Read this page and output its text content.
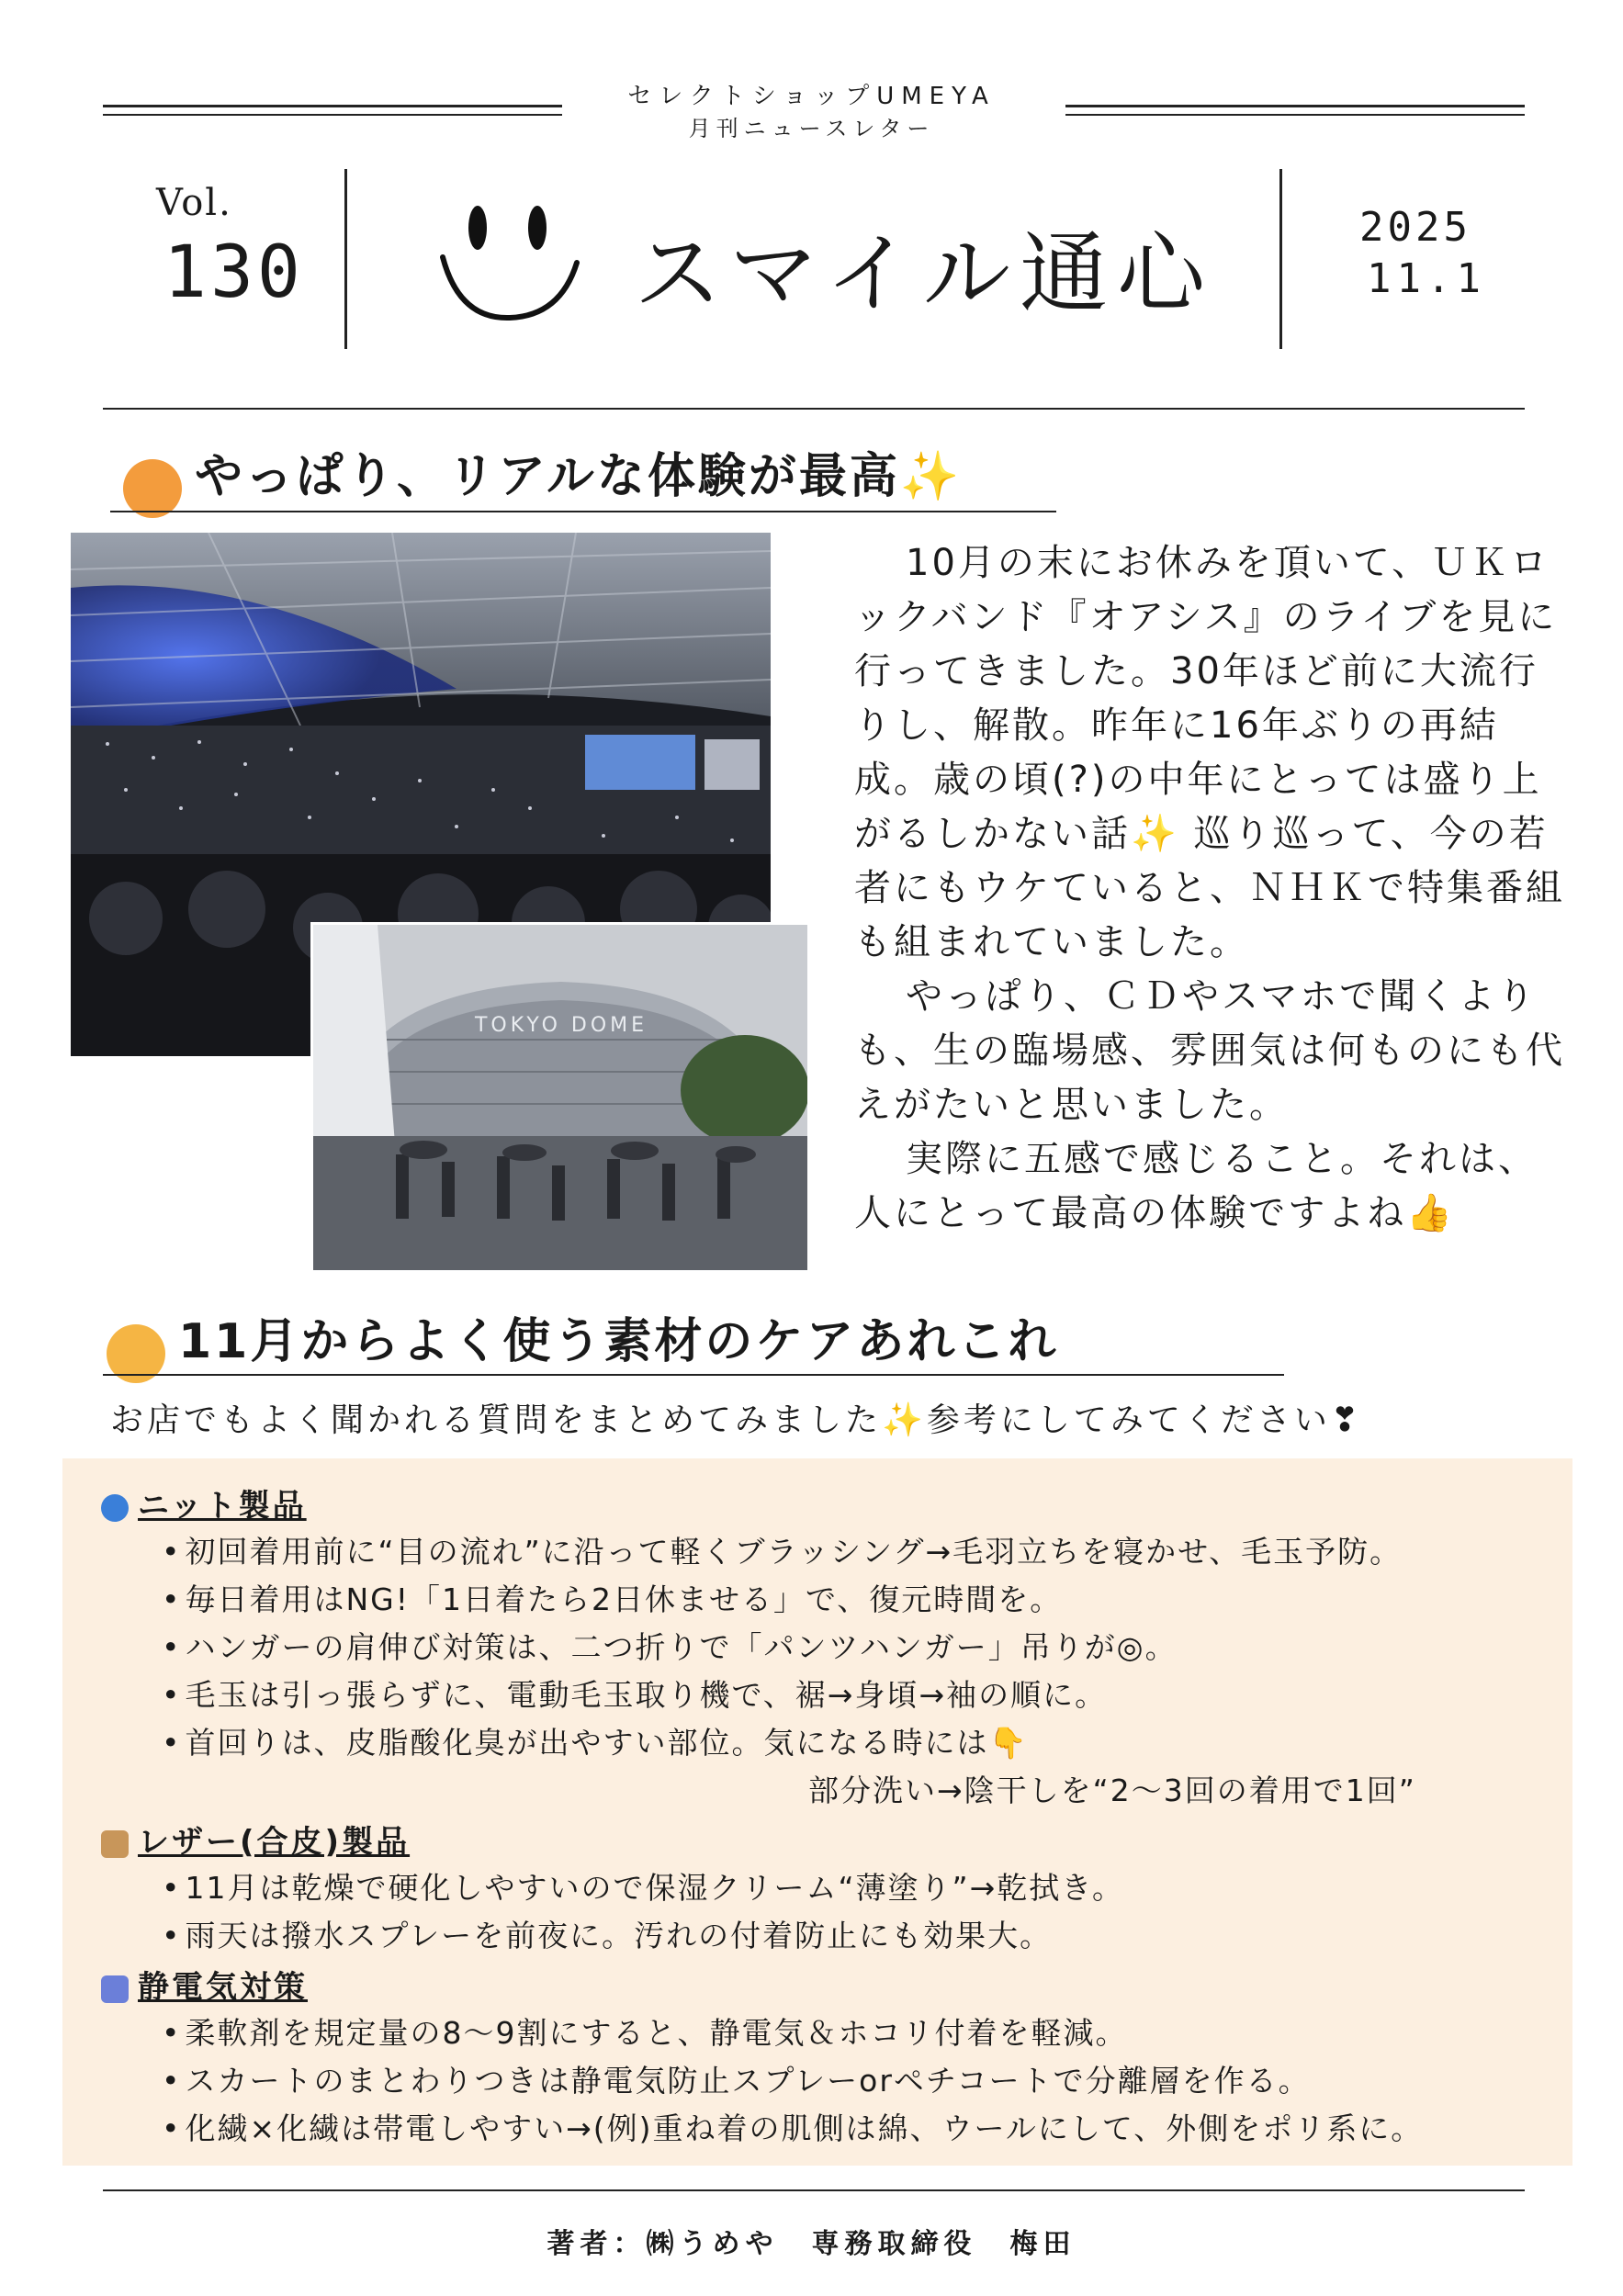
セレクトショップUMEYA
月刊ニュースレター
Vol.
130	スマイル通心	2025
11.1
やっぱり、リアルな体験が最高✨
TOKYO DOME

10月の末にお休みを頂いて、ＵＫロックバンド『オアシス』のライブを見に行ってきました。30年ほど前に大流行りし、解散。昨年に16年ぶりの再結成。歳の頃(?)の中年にとっては盛り上がるしかない話✨ 巡り巡って、今の若者にもウケていると、ＮＨＫで特集番組も組まれていました。

やっぱり、ＣＤやスマホで聞くよりも、生の臨場感、雰囲気は何ものにも代えがたいと思いました。

実際に五感で感じること。それは、人にとって最高の体験ですよね👍

11月からよく使う素材のケアあれこれ
お店でもよく聞かれる質問をまとめてみました✨参考にしてみてください❣
ニット製品
• 初回着用前に“目の流れ”に沿って軽くブラッシング→毛羽立ちを寝かせ、毛玉予防。
• 毎日着用はNG!「1日着たら2日休ませる」で、復元時間を。
• ハンガーの肩伸び対策は、二つ折りで「パンツハンガー」吊りが◎。
• 毛玉は引っ張らずに、電動毛玉取り機で、裾→身頃→袖の順に。
• 首回りは、皮脂酸化臭が出やすい部位。気になる時には👇
部分洗い→陰干しを“2～3回の着用で1回”
レザー(合皮)製品
• 11月は乾燥で硬化しやすいので保湿クリーム“薄塗り”→乾拭き。
• 雨天は撥水スプレーを前夜に。汚れの付着防止にも効果大。
静電気対策
• 柔軟剤を規定量の8～9割にすると、静電気＆ホコリ付着を軽減。
• スカートのまとわりつきは静電気防止スプレーorペチコートで分離層を作る。
• 化繊×化繊は帯電しやすい→(例)重ね着の肌側は綿、ウールにして、外側をポリ系に。
著者：㈱うめや　専務取締役　梅田
